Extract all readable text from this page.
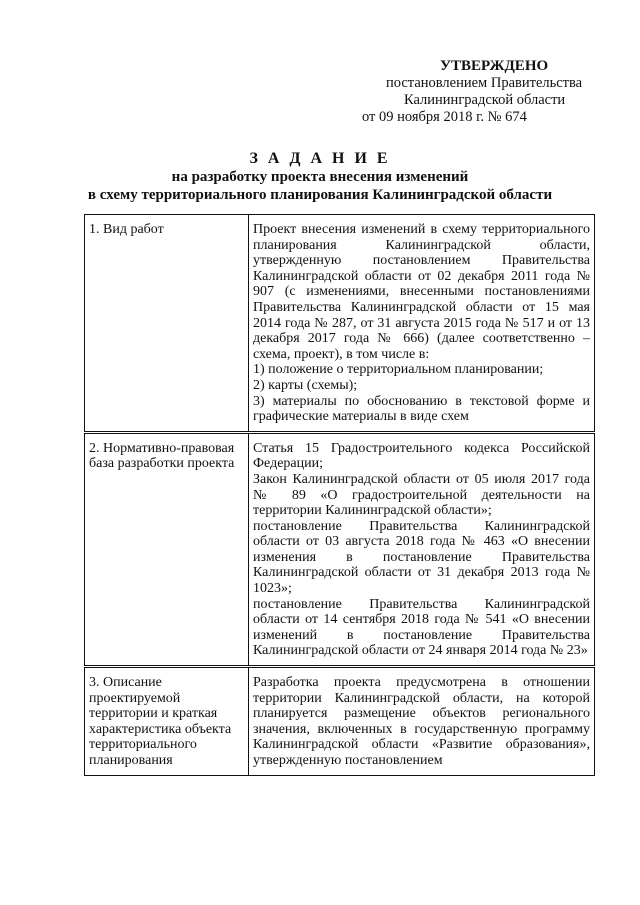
УТВЕРЖДЕНО
постановлением Правительства
Калининградской области
от 09 ноября 2018 г. № 674
З А Д А Н И Е
на разработку проекта внесения изменений
в схему территориального планирования Калининградской области
1. Вид работ	Проект внесения изменений в схему территориального планирования Калининградской области, утвержденную постановлением Правительства Калининградской области от 02 декабря 2011 года № 907 (с изменениями, внесенными постановлениями Правительства Калининградской области от 15 мая 2014 года № 287, от 31 августа 2015 года № 517 и от 13 декабря 2017 года № 666) (далее соответственно – схема, проект), в том числе в:
1) положение о территориальном планировании;
2) карты (схемы);
3) материалы по обоснованию в текстовой форме и графические материалы в виде схем

2. Нормативно-правовая база разработки проекта	Статья 15 Градостроительного кодекса Российской Федерации;
Закон Калининградской области от 05 июля 2017 года № 89 «О градостроительной деятельности на территории Калининградской области»;
постановление Правительства Калининградской области от 03 августа 2018 года № 463 «О внесении изменения в постановление Правительства Калининградской области от 31 декабря 2013 года № 1023»;
постановление Правительства Калининградской области от 14 сентября 2018 года № 541 «О внесении изменений в постановление Правительства Калининградской области от 24 января 2014 года № 23»

3. Описание проектируемой территории и краткая характеристика объекта территориального планирования	Разработка проекта предусмотрена в отношении территории Калининградской области, на которой планируется размещение объектов регионального значения, включенных в государственную программу Калининградской области «Развитие образования», утвержденную постановлением
